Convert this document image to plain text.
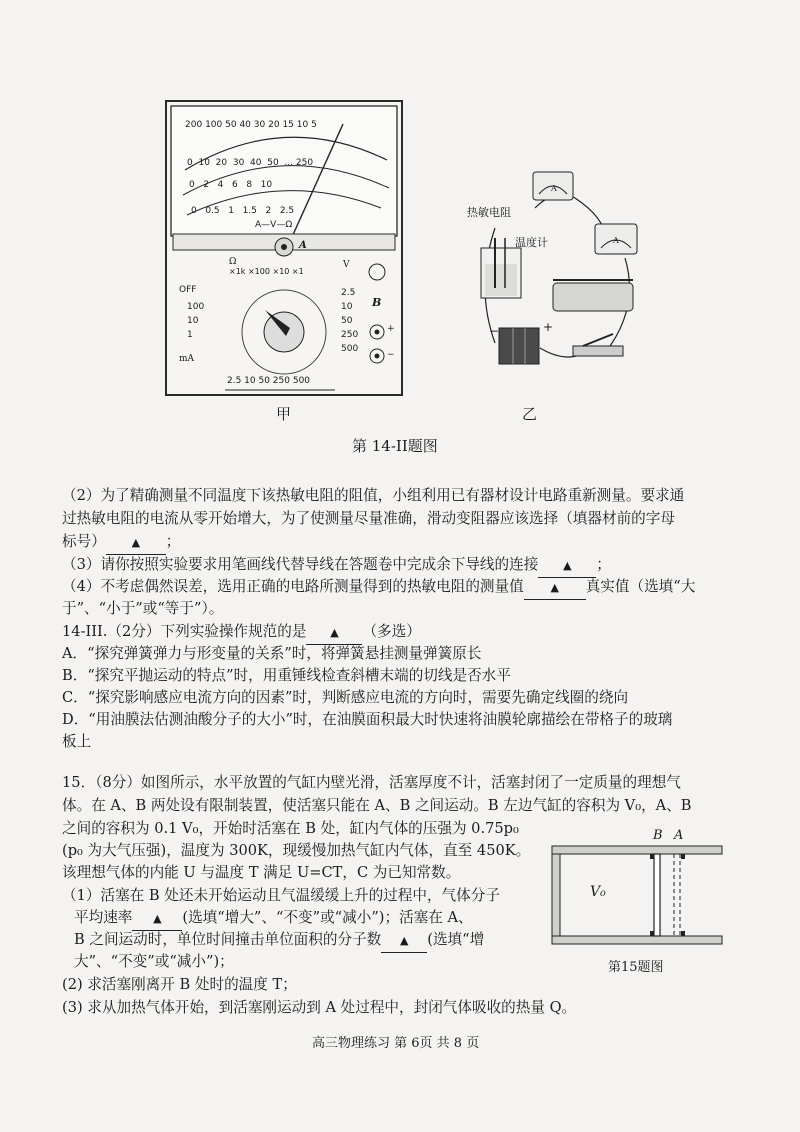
200 100 50 40 30 20 15 10 5
0 10 20 30 40 50 ... 250
0 2 4 6 8 10
0 0.5 1 1.5 2 2.5
A—V—Ω
A
×1k ×100 ×10 ×1
Ω	V
OFF
100
10
1
mA
2.5
10
50
250
500
2.5 10 50 250 500
B
+
−
热敏电阻
温度计
A
A
−	+
甲	乙
第 14-II题图
（2）为了精确测量不同温度下该热敏电阻的阻值，小组利用已有器材设计电路重新测量。要求通
过热敏电阻的电流从零开始增大，为了使测量尽量准确，滑动变阻器应该选择（填器材前的字母
标号） ▲ ；
（3）请你按照实验要求用笔画线代替导线在答题卷中完成余下导线的连接 ▲ ；
（4）不考虑偶然误差，选用正确的电路所测量得到的热敏电阻的测量值 ▲ 真实值（选填“大
于”、“小于”或“等于”）。
14-III.（2分）下列实验操作规范的是 ▲ （多选）
A．“探究弹簧弹力与形变量的关系”时，将弹簧悬挂测量弹簧原长
B．“探究平抛运动的特点”时，用重锤线检查斜槽末端的切线是否水平
C．“探究影响感应电流方向的因素”时，判断感应电流的方向时，需要先确定线圈的绕向
D．“用油膜法估测油酸分子的大小”时，在油膜面积最大时快速将油膜轮廓描绘在带格子的玻璃
板上
15．（8分）如图所示，水平放置的气缸内壁光滑，活塞厚度不计，活塞封闭了一定质量的理想气
体。在 A、B 两处设有限制装置，使活塞只能在 A、B 之间运动。B 左边气缸的容积为 V₀，A、B
之间的容积为 0.1 V₀，开始时活塞在 B 处，缸内气体的压强为 0.75p₀
(p₀ 为大气压强)，温度为 300K，现缓慢加热气缸内气体，直至 450K。
该理想气体的内能 U 与温度 T 满足 U=CT，C 为已知常数。
（1）活塞在 B 处还未开始运动且气温缓缓上升的过程中，气体分子
平均速率 ▲ (选填“增大”、“不变”或“减小”)；活塞在 A、
B 之间运动时，单位时间撞击单位面积的分子数 ▲ (选填“增
大”、“不变”或“减小”)；
(2) 求活塞刚离开 B 处时的温度 T；
(3) 求从加热气体开始，到活塞刚运动到 A 处过程中，封闭气体吸收的热量 Q。
B A
V₀
第15题图
高三物理练习 第 6页 共 8 页
